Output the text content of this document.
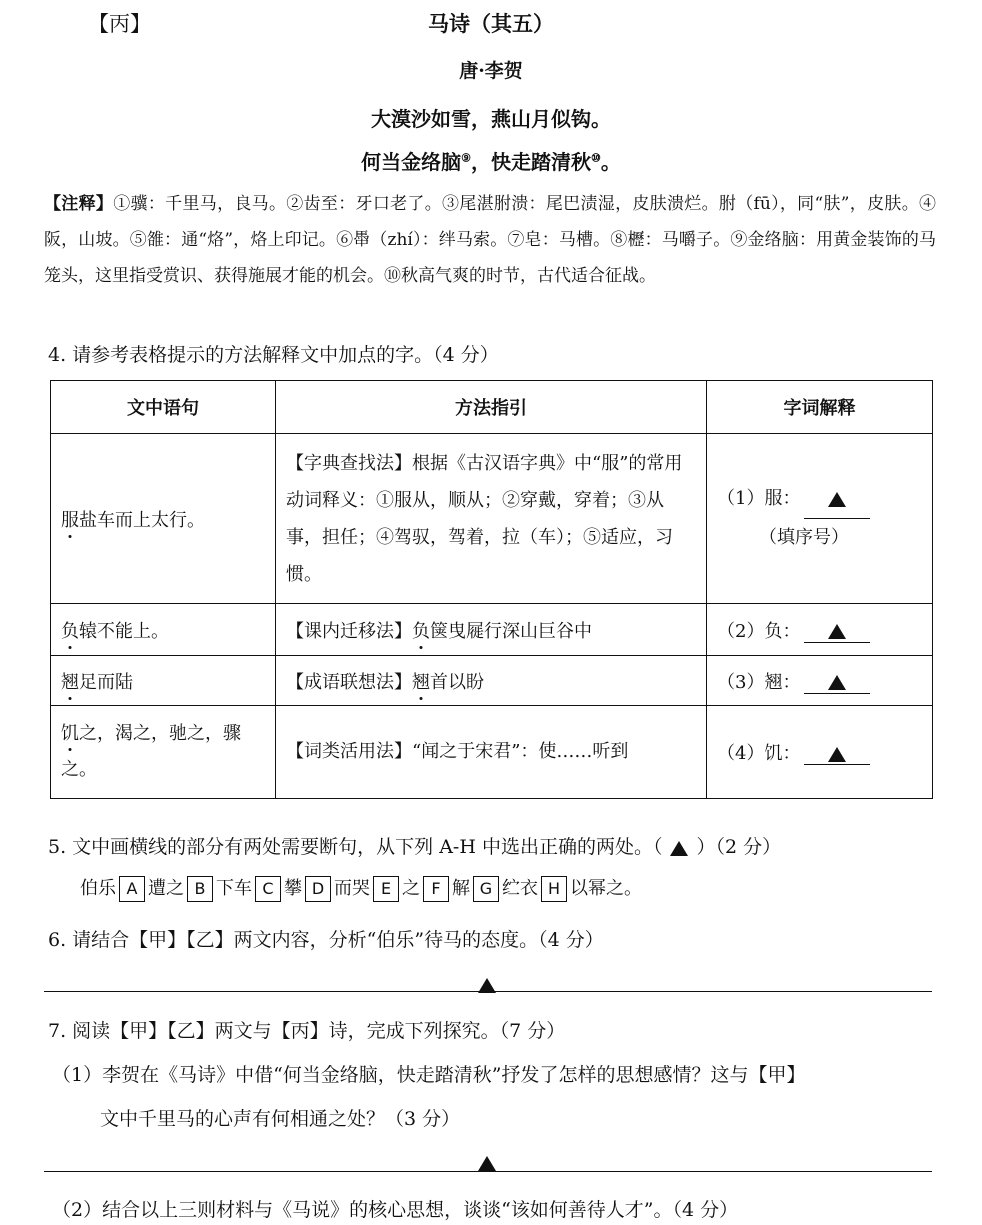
【丙】	马诗（其五）
唐·李贺
大漠沙如雪，燕山月似钩。
何当金络脑⑨，快走踏清秋⑩。
【注释】①骥：千里马，良马。②齿至：牙口老了。③尾湛胕溃：尾巴渍湿，皮肤溃烂。胕（fū），同“肤”，皮肤。④阪，山坡。⑤雒：通“烙”，烙上印记。⑥馽（zhí）：绊马索。⑦皂：马槽。⑧櫪：马嚼子。⑨金络脑：用黄金装饰的马笼头，这里指受赏识、获得施展才能的机会。⑩秋高气爽的时节，古代适合征战。
4. 请参考表格提示的方法解释文中加点的字。（4 分）
文中语句	方法指引	字词解释
服盐车而上太行。	【字典查找法】根据《古汉语字典》中“服”的常用动词释义：①服从，顺从；②穿戴，穿着；③从事，担任；④驾驭，驾着，拉（车）；⑤适应，习惯。	（1）服：
（填序号）

负辕不能上。	【课内迁移法】负箧曳屣行深山巨谷中	（2）负：
翘足而陆	【成语联想法】翘首以盼	（3）翘：
饥之，渴之，驰之，骤之。	【词类活用法】“闻之于宋君”：使……听到	（4）饥：
5. 文中画横线的部分有两处需要断句，从下列 A-H 中选出正确的两处。（ ）（2 分）
伯乐 A 遭之 B 下车 C 攀 D 而哭 E 之 F 解 G 纻衣 H 以幂之。
6. 请结合【甲】【乙】两文内容，分析“伯乐”待马的态度。（4 分）
7. 阅读【甲】【乙】两文与【丙】诗，完成下列探究。（7 分）
（1）李贺在《马诗》中借“何当金络脑，快走踏清秋”抒发了怎样的思想感情？这与【甲】
文中千里马的心声有何相通之处？（3 分）
（2）结合以上三则材料与《马说》的核心思想，谈谈“该如何善待人才”。（4 分）
